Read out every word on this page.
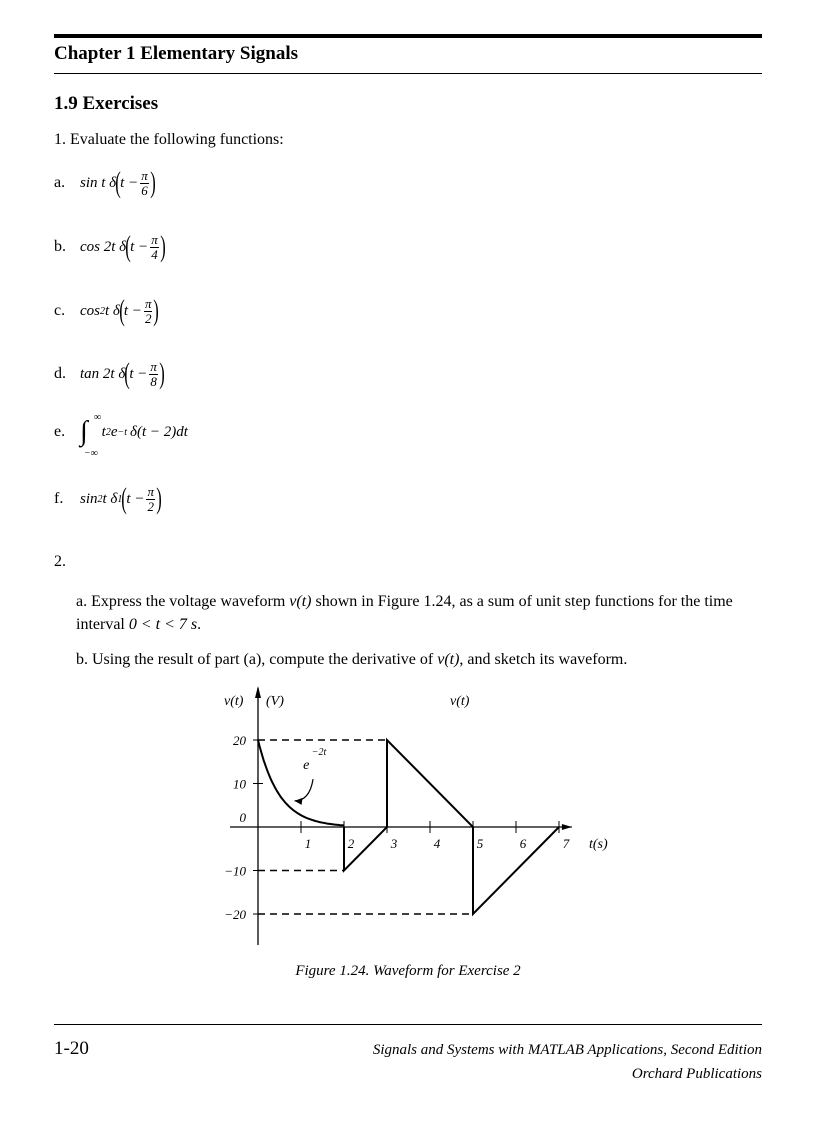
Chapter 1 Elementary Signals
1.9 Exercises
1. Evaluate the following functions:
a. sin t δ ( $t - \frac{\pi}{6}$ )
b. cos 2t δ ( $t - \frac{\pi}{4}$ )
c. cos 2 t δ ( $t - \frac{\pi}{2}$ )
d. tan 2t δ ( $t - \frac{\pi}{8}$ )
e. ∫ ∞
−∞
t 2 e −t δ(t − 2)dt
f.	sin 2 t δ 1 ( $t - \frac{\pi}{2}$ )
2.
a. Express the voltage waveform v(t) shown in Figure 1.24, as a sum of unit step functions for the time interval 0 < t < 7 s.
b. Using the result of part (a), compute the derivative of v(t), and sketch its waveform.
v(t) (V)	v(t)
t(s)
1	2	3	4	5	6	7
20
10
0
−10
−20
e
−2t
Figure 1.24. Waveform for Exercise 2
1-20	Signals and Systems with MATLAB Applications, Second Edition
Orchard Publications
